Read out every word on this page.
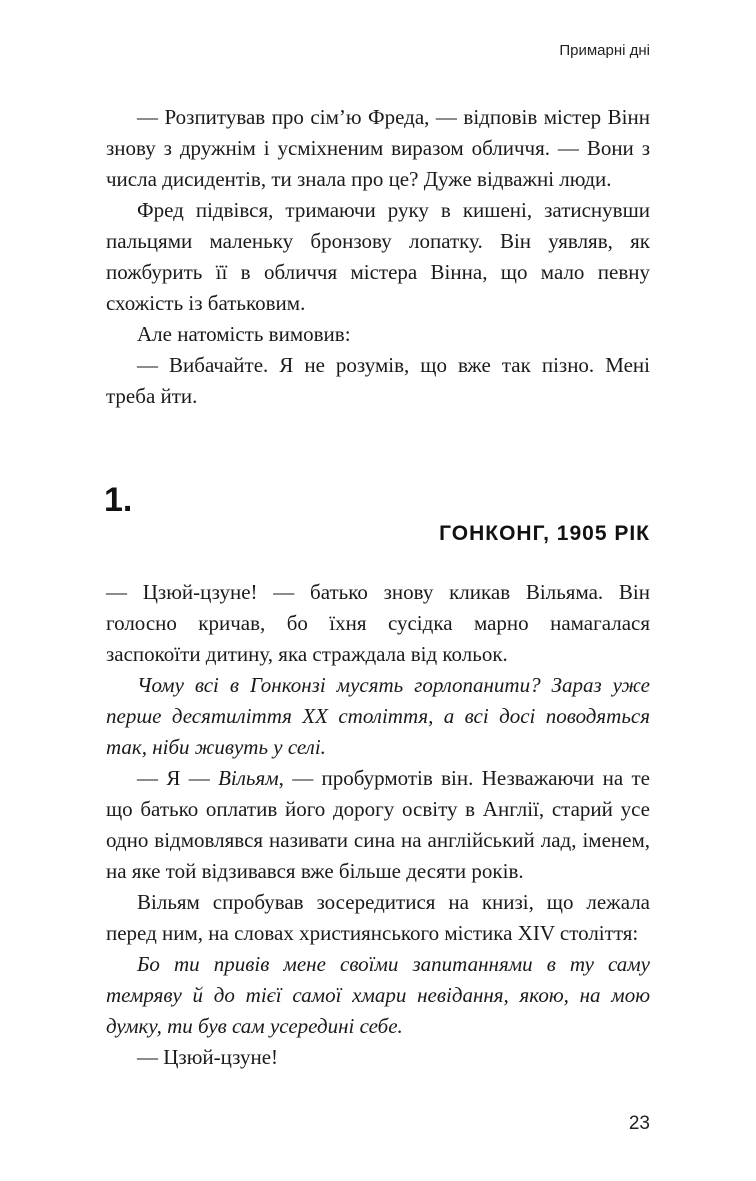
Примарні дні

— Розпитував про сім’ю Фреда, — відповів містер Вінн знову з дружнім і усміхненим виразом обличчя. — Вони з числа дисидентів, ти знала про це? Дуже відважні люди.

Фред підвівся, тримаючи руку в кишені, затиснувши пальцями маленьку бронзову лопатку. Він уявляв, як пожбурить її в обличчя містера Вінна, що мало певну схожість із батьковим.

Але натомість вимовив:

— Вибачайте. Я не розумів, що вже так пізно. Мені треба йти.

1.
ГОНКОНГ, 1905 РІК

— Цзюй-цзуне! — батько знову кликав Вільяма. Він голосно кричав, бо їхня сусідка марно намагалася заспокоїти дитину, яка страждала від кольок.

Чому всі в Гонконзі мусять горлопанити? Зараз уже перше десятиліття XX століття, а всі досі поводяться так, ніби живуть у селі.

— Я — Вільям, — пробурмотів він. Незважаючи на те що батько оплатив його дорогу освіту в Англії, старий усе одно відмовлявся називати сина на англійський лад, іменем, на яке той відзивався вже більше десяти років.

Вільям спробував зосередитися на книзі, що лежала перед ним, на словах християнського містика XIV століття:

Бо ти привів мене своїми запитаннями в ту саму темряву й до тієї самої хмари невідання, якою, на мою думку, ти був сам усередині себе.

— Цзюй-цзуне!

23
